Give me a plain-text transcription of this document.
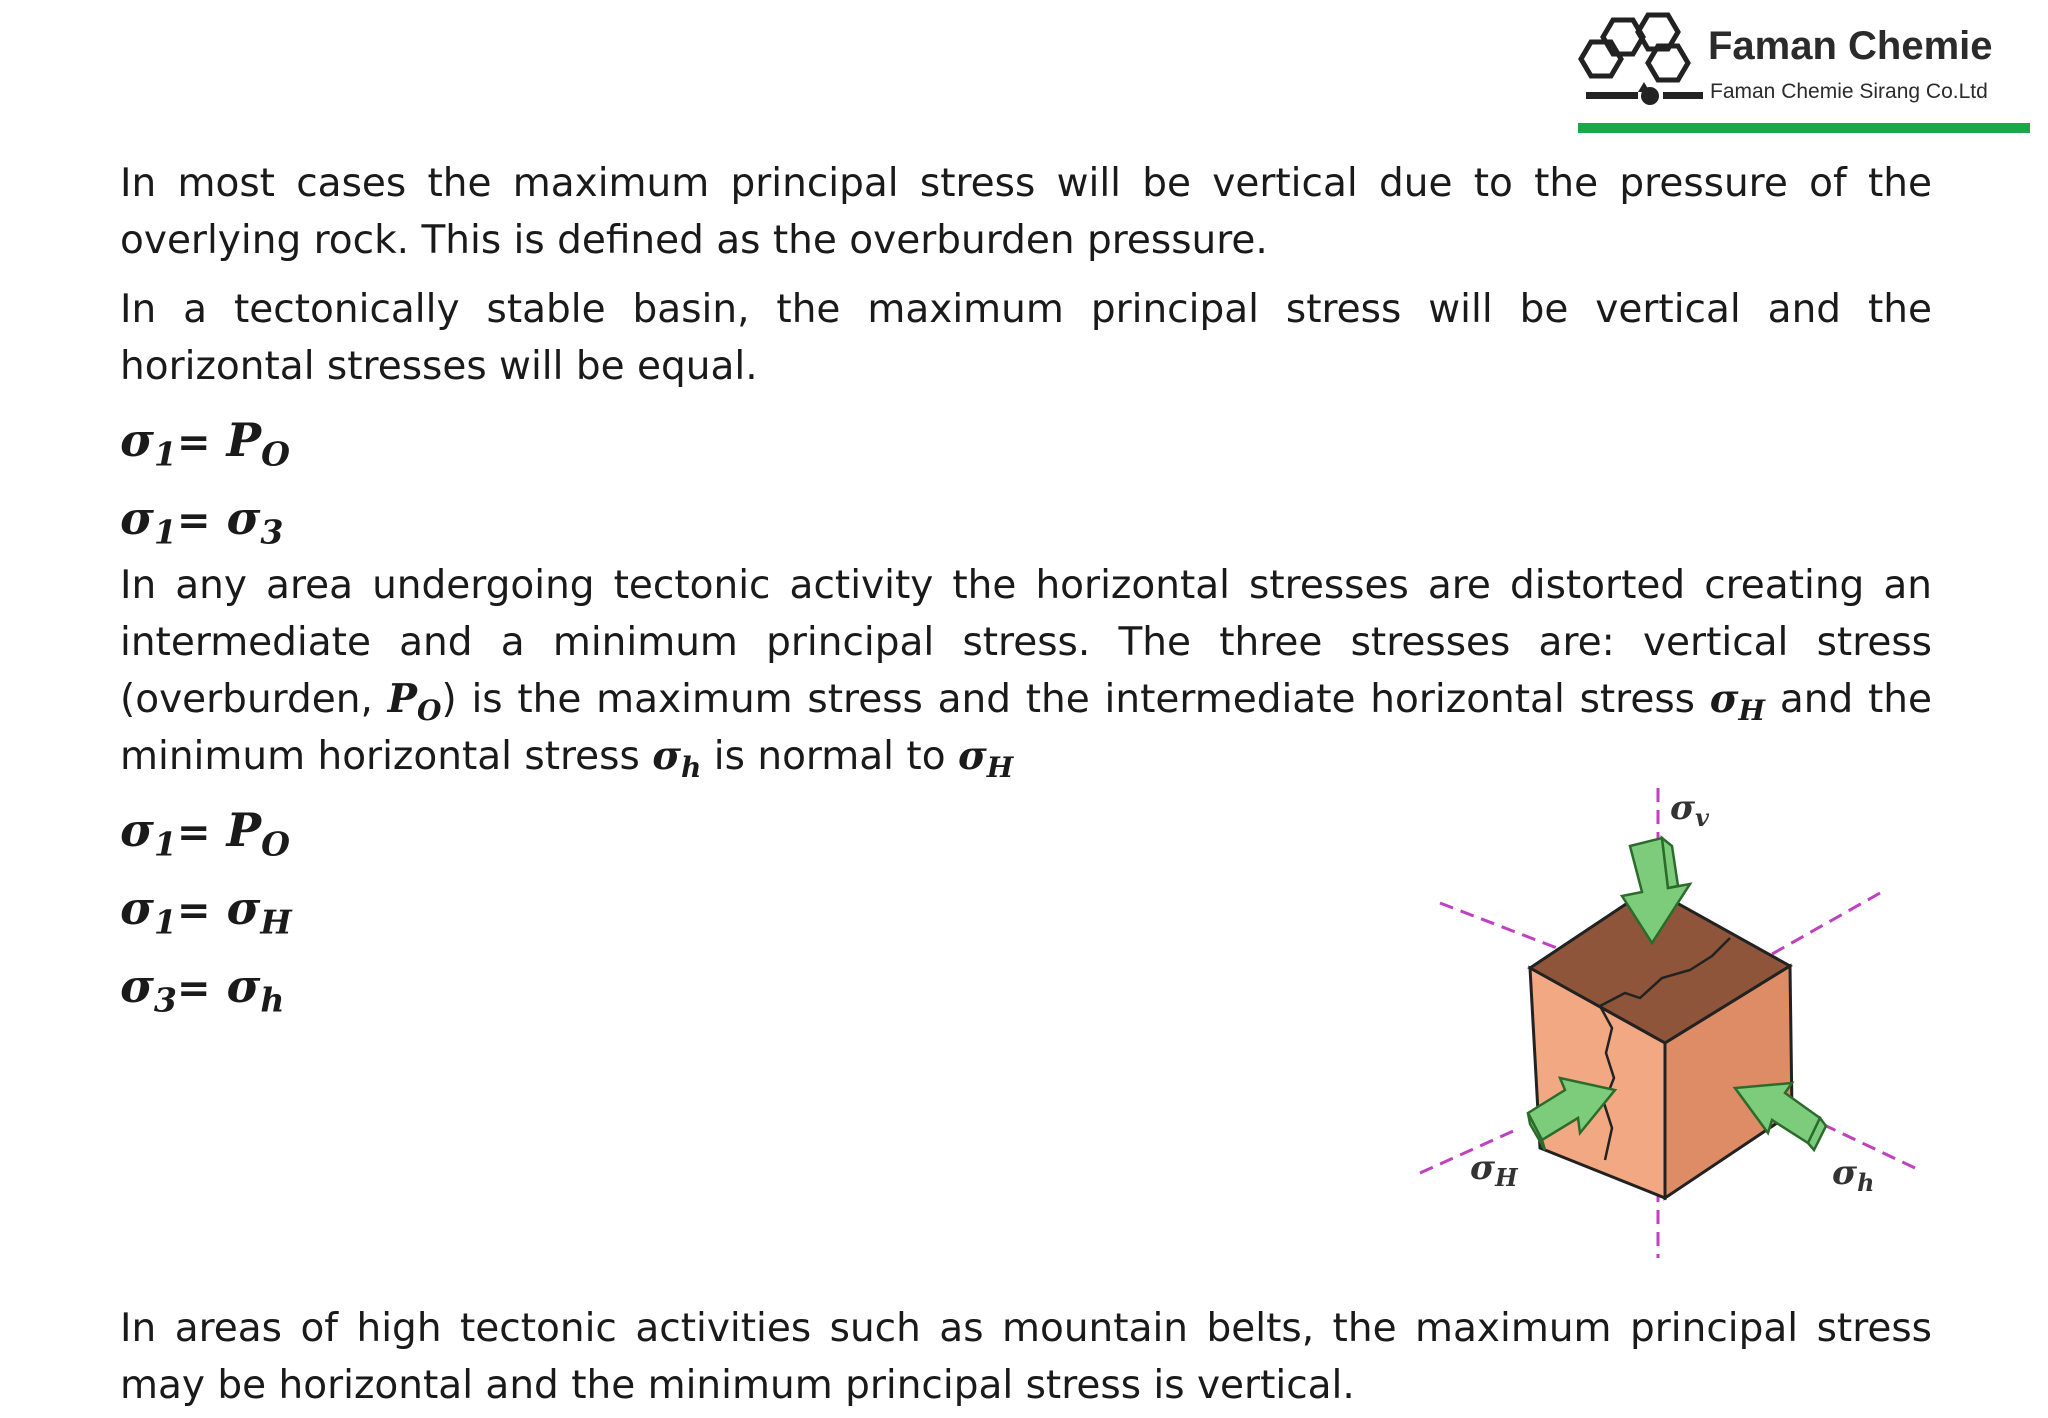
Faman Chemie
Faman Chemie Sirang Co.Ltd
In most cases the maximum principal stress will be vertical due to the pressure of the overlying rock. This is defined as the overburden pressure.
In a tectonically stable basin, the maximum principal stress will be vertical and the horizontal stresses will be equal.
$\sigma_1= P_O$
$\sigma_1= \sigma_3$
In any area undergoing tectonic activity the horizontal stresses are distorted creating an intermediate and a minimum principal stress. The three stresses are: vertical stress (overburden, $P_O$) is the maximum stress and the intermediate horizontal stress $\sigma_H$ and the minimum horizontal stress $\sigma_h$ is normal to $\sigma_H$
$\sigma_1= P_O$
$\sigma_1= \sigma_H$
$\sigma_3= \sigma_h$
$\sigma_v$
$\sigma_H$	$\sigma_h$
In areas of high tectonic activities such as mountain belts, the maximum principal stress may be horizontal and the minimum principal stress is vertical.
